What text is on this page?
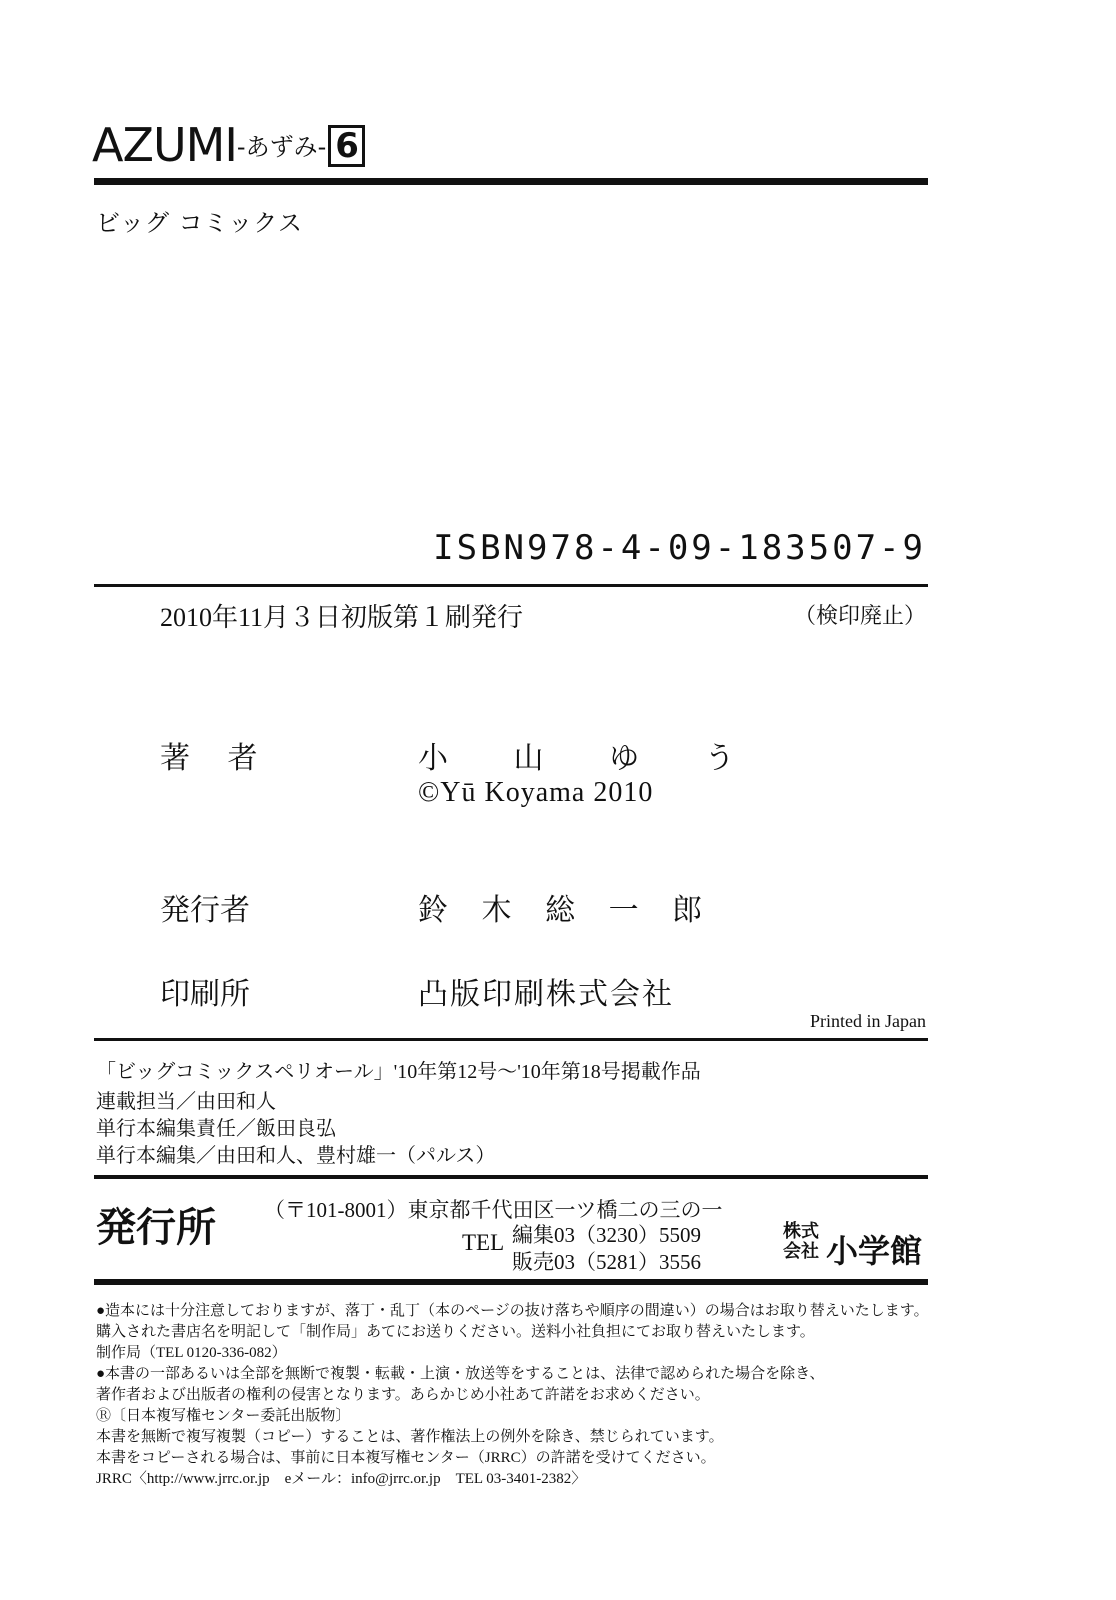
AZUMI-あずみ- 6
ビッグ コミックス
ISBN978-4-09-183507-9
2010年11月３日初版第１刷発行	（検印廃止）
著 者	小 山 ゆ う
©Yū Koyama 2010
発行者	鈴 木 総 一 郎
印刷所	凸版印刷株式会社
Printed in Japan
「ビッグコミックスペリオール」'10年第12号〜'10年第18号掲載作品
連載担当／由田和人
単行本編集責任／飯田良弘
単行本編集／由田和人、豊村雄一（パルス）
発行所 （〒101-8001）東京都千代田区一ツ橋二の三の一
TEL 編集03（3230）5509
販売03（5281）3556
株式会社 小学館
●造本には十分注意しておりますが、落丁・乱丁（本のページの抜け落ちや順序の間違い）の場合はお取り替えいたします。
購入された書店名を明記して「制作局」あてにお送りください。送料小社負担にてお取り替えいたします。
制作局（TEL 0120-336-082）
●本書の一部あるいは全部を無断で複製・転載・上演・放送等をすることは、法律で認められた場合を除き、
著作者および出版者の権利の侵害となります。あらかじめ小社あて許諾をお求めください。
Ⓡ〔日本複写権センター委託出版物〕
本書を無断で複写複製（コピー）することは、著作権法上の例外を除き、禁じられています。
本書をコピーされる場合は、事前に日本複写権センター（JRRC）の許諾を受けてください。
JRRC〈http://www.jrrc.or.jp　eメール：info@jrrc.or.jp　TEL 03-3401-2382〉
